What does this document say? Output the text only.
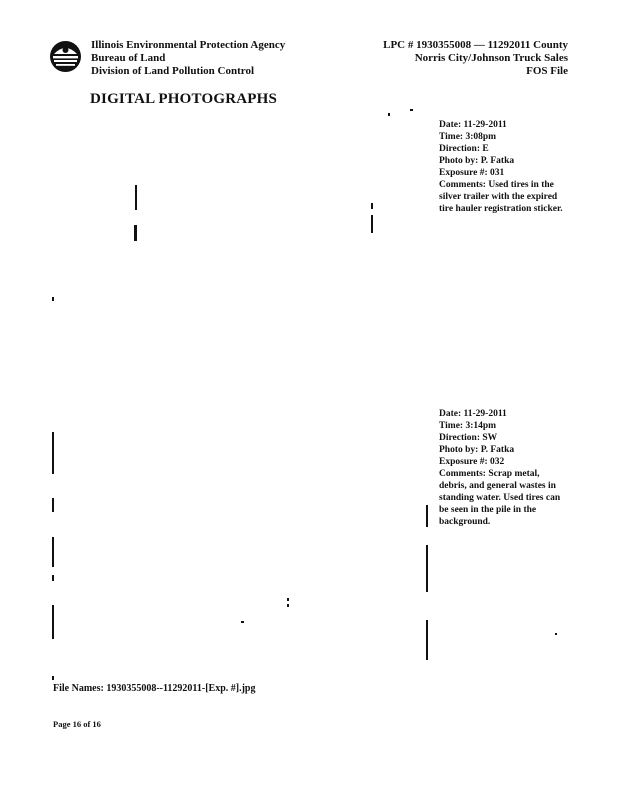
Illinois Environmental Protection Agency
Bureau of Land
Division of Land Pollution Control
LPC # 1930355008 — 11292011 County
Norris City/Johnson Truck Sales
FOS File
DIGITAL PHOTOGRAPHS
Date: 11-29-2011
Time: 3:08pm
Direction: E
Photo by: P. Fatka
Exposure #: 031
Comments: Used tires in the silver trailer with the expired tire hauler registration sticker.
Date: 11-29-2011
Time: 3:14pm
Direction: SW
Photo by: P. Fatka
Exposure #: 032
Comments: Scrap metal, debris, and general wastes in standing water. Used tires can be seen in the pile in the background.
File Names: 1930355008--11292011-[Exp. #].jpg
Page 16 of 16
